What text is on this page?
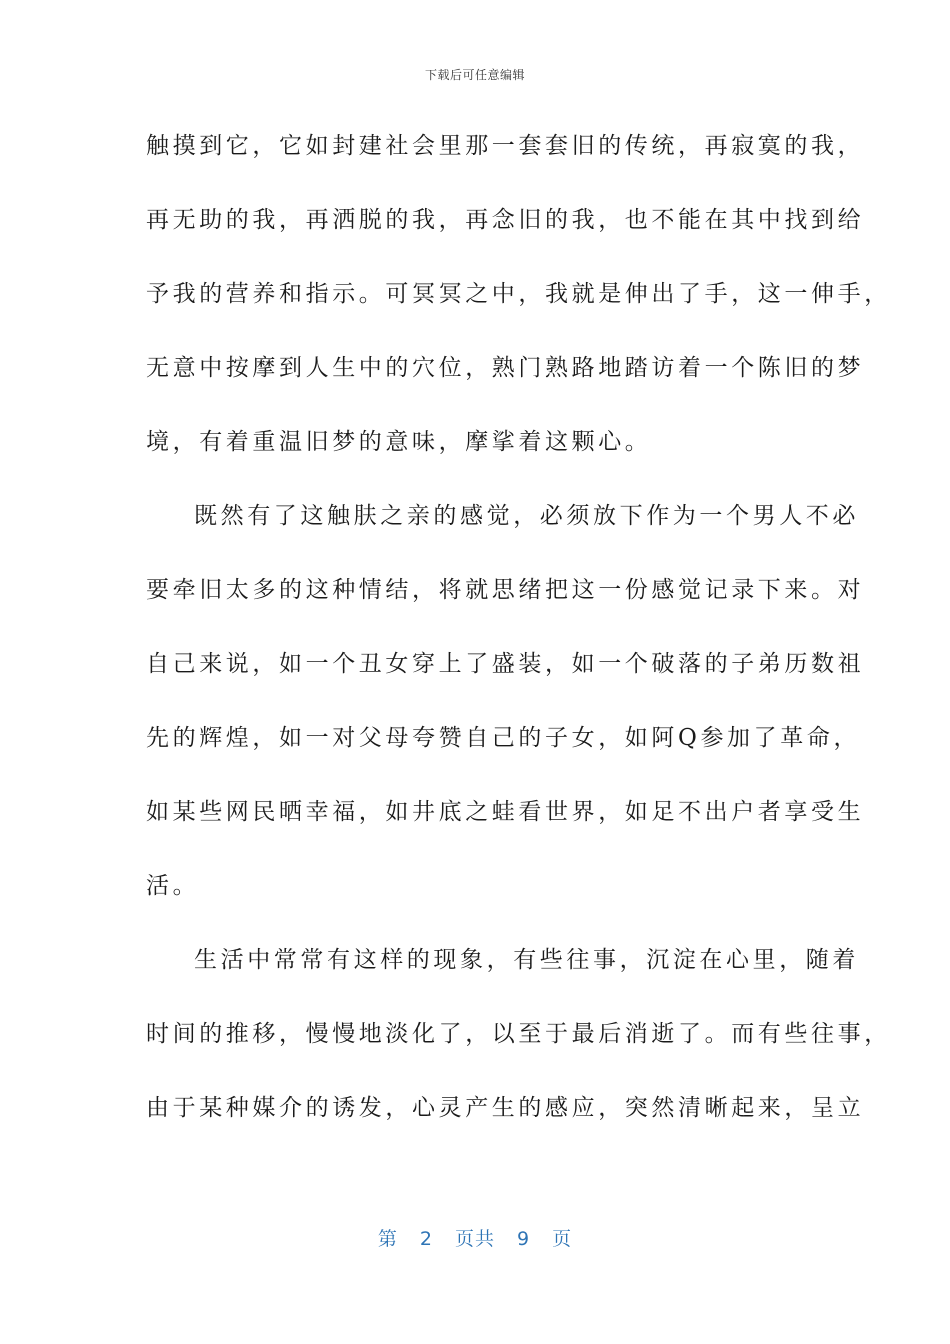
下载后可任意编辑
触摸到它，它如封建社会里那一套套旧的传统，再寂寞的我，
再无助的我，再洒脱的我，再念旧的我，也不能在其中找到给
予我的营养和指示。可冥冥之中，我就是伸出了手，这一伸手，
无意中按摩到人生中的穴位，熟门熟路地踏访着一个陈旧的梦
境，有着重温旧梦的意味，摩挲着这颗心。
既然有了这触肤之亲的感觉，必须放下作为一个男人不必
要牵旧太多的这种情结，将就思绪把这一份感觉记录下来。对
自己来说，如一个丑女穿上了盛装，如一个破落的子弟历数祖
先的辉煌，如一对父母夸赞自己的子女，如阿Q参加了革命，
如某些网民晒幸福，如井底之蛙看世界，如足不出户者享受生
活。
生活中常常有这样的现象，有些往事，沉淀在心里，随着
时间的推移，慢慢地淡化了，以至于最后消逝了。而有些往事，
由于某种媒介的诱发，心灵产生的感应，突然清晰起来，呈立
第 2 页共 9 页
